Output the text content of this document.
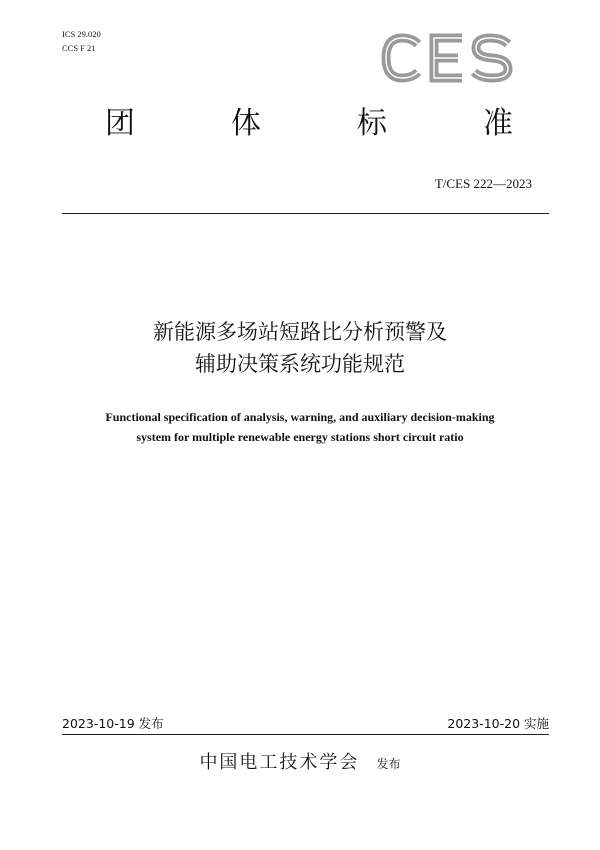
ICS 29.020
CCS F 21
团	体	标	准
T/CES 222—2023
新能源多场站短路比分析预警及
辅助决策系统功能规范
Functional specification of analysis, warning, and auxiliary decision-making
system for multiple renewable energy stations short circuit ratio
2023-10-19 发布	2023-10-20 实施
中国电工技术学会 发布
